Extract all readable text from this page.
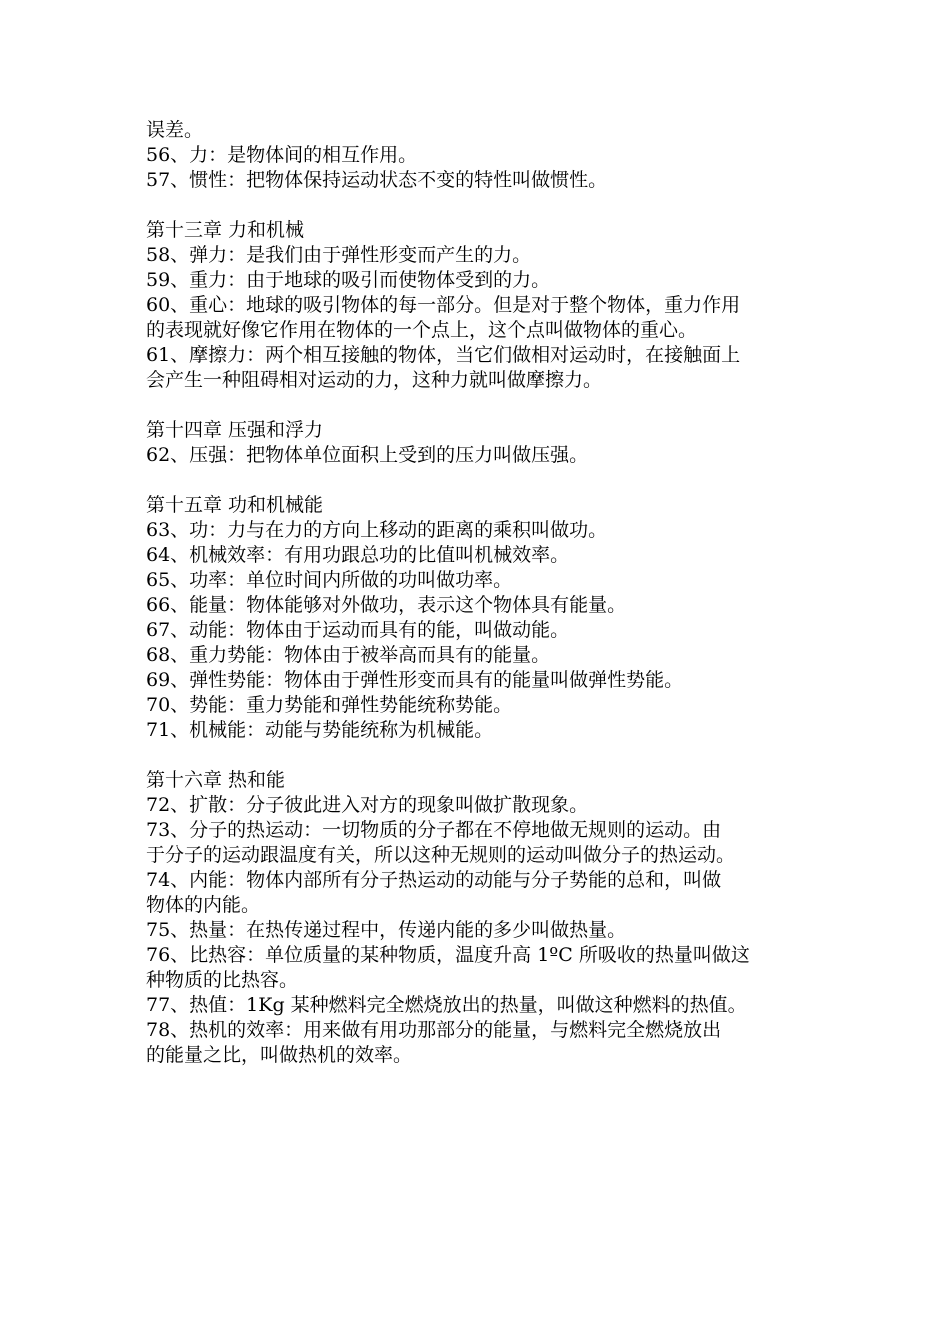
误差。
56、力：是物体间的相互作用。
57、惯性：把物体保持运动状态不变的特性叫做惯性。
第十三章 力和机械
58、弹力：是我们由于弹性形变而产生的力。
59、重力：由于地球的吸引而使物体受到的力。
60、重心：地球的吸引物体的每一部分。但是对于整个物体，重力作用
的表现就好像它作用在物体的一个点上，这个点叫做物体的重心。
61、摩擦力：两个相互接触的物体，当它们做相对运动时，在接触面上
会产生一种阻碍相对运动的力，这种力就叫做摩擦力。
第十四章 压强和浮力
62、压强：把物体单位面积上受到的压力叫做压强。
第十五章 功和机械能
63、功：力与在力的方向上移动的距离的乘积叫做功。
64、机械效率：有用功跟总功的比值叫机械效率。
65、功率：单位时间内所做的功叫做功率。
66、能量：物体能够对外做功，表示这个物体具有能量。
67、动能：物体由于运动而具有的能，叫做动能。
68、重力势能：物体由于被举高而具有的能量。
69、弹性势能：物体由于弹性形变而具有的能量叫做弹性势能。
70、势能：重力势能和弹性势能统称势能。
71、机械能：动能与势能统称为机械能。
第十六章 热和能
72、扩散：分子彼此进入对方的现象叫做扩散现象。
73、分子的热运动：一切物质的分子都在不停地做无规则的运动。由
于分子的运动跟温度有关，所以这种无规则的运动叫做分子的热运动。
74、内能：物体内部所有分子热运动的动能与分子势能的总和，叫做
物体的内能。
75、热量：在热传递过程中，传递内能的多少叫做热量。
76、比热容：单位质量的某种物质，温度升高 1ºC 所吸收的热量叫做这
种物质的比热容。
77、热值：1Kg 某种燃料完全燃烧放出的热量，叫做这种燃料的热值。
78、热机的效率：用来做有用功那部分的能量，与燃料完全燃烧放出
的能量之比，叫做热机的效率。
